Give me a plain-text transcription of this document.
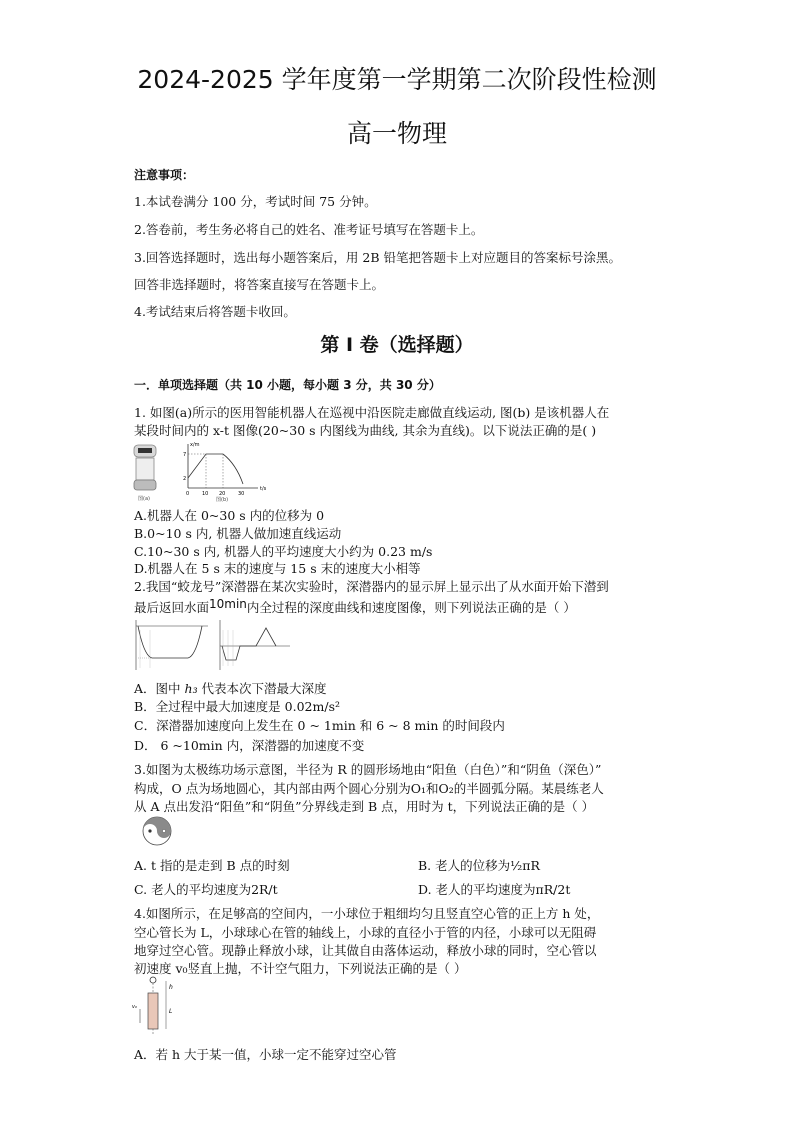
2024-2025 学年度第一学期第二次阶段性检测
高一物理
注意事项：
1.本试卷满分 100 分，考试时间 75 分钟。
2.答卷前，考生务必将自己的姓名、准考证号填写在答题卡上。
3.回答选择题时，选出每小题答案后，用 2B 铅笔把答题卡上对应题目的答案标号涂黑。
回答非选择题时，将答案直接写在答题卡上。
4.考试结束后将答题卡收回。
第 I 卷（选择题）
一．单项选择题（共 10 小题，每小题 3 分，共 30 分）
1. 如图(a)所示的医用智能机器人在巡视中沿医院走廊做直线运动, 图(b) 是该机器人在
某段时间内的 x-t 图像(20~30 s 内图线为曲线, 其余为直线)。以下说法正确的是( )
图(a)
x/m
t/s
7
2
0	10 20	30
图(b)
A.机器人在 0~30 s 内的位移为 0
B.0~10 s 内, 机器人做加速直线运动
C.10~30 s 内, 机器人的平均速度大小约为 0.23 m/s
D.机器人在 5 s 末的速度与 15 s 末的速度大小相等
2.我国“蛟龙号”深潜器在某次实验时，深潜器内的显示屏上显示出了从水面开始下潜到
最后返回水面10min内全过程的深度曲线和速度图像，则下列说法正确的是（ ）
A．图中 h₃ 代表本次下潜最大深度
B．全过程中最大加速度是 0.02m/s²
C．深潜器加速度向上发生在 0 ~ 1min 和 6 ~ 8 min 的时间段内
D． 6 ~10min 内，深潜器的加速度不变
3.如图为太极练功场示意图，半径为 R 的圆形场地由“阳鱼（白色）”和“阴鱼（深色）”
构成，O 点为场地圆心，其内部由两个圆心分别为O₁和O₂的半圆弧分隔。某晨练老人
从 A 点出发沿“阳鱼”和“阴鱼”分界线走到 B 点，用时为 t，下列说法正确的是（ ）
A. t 指的是走到 B 点的时刻	B. 老人的位移为½πR
C. 老人的平均速度为2R/t	D. 老人的平均速度为πR/2t
4.如图所示，在足够高的空间内，一小球位于粗细均匀且竖直空心管的正上方 h 处，
空心管长为 L，小球球心在管的轴线上，小球的直径小于管的内径，小球可以无阻碍
地穿过空心管。现静止释放小球，让其做自由落体运动，释放小球的同时，空心管以
初速度 v₀竖直上抛，不计空气阻力，下列说法正确的是（ ）
h
L
v₀
A．若 h 大于某一值，小球一定不能穿过空心管
